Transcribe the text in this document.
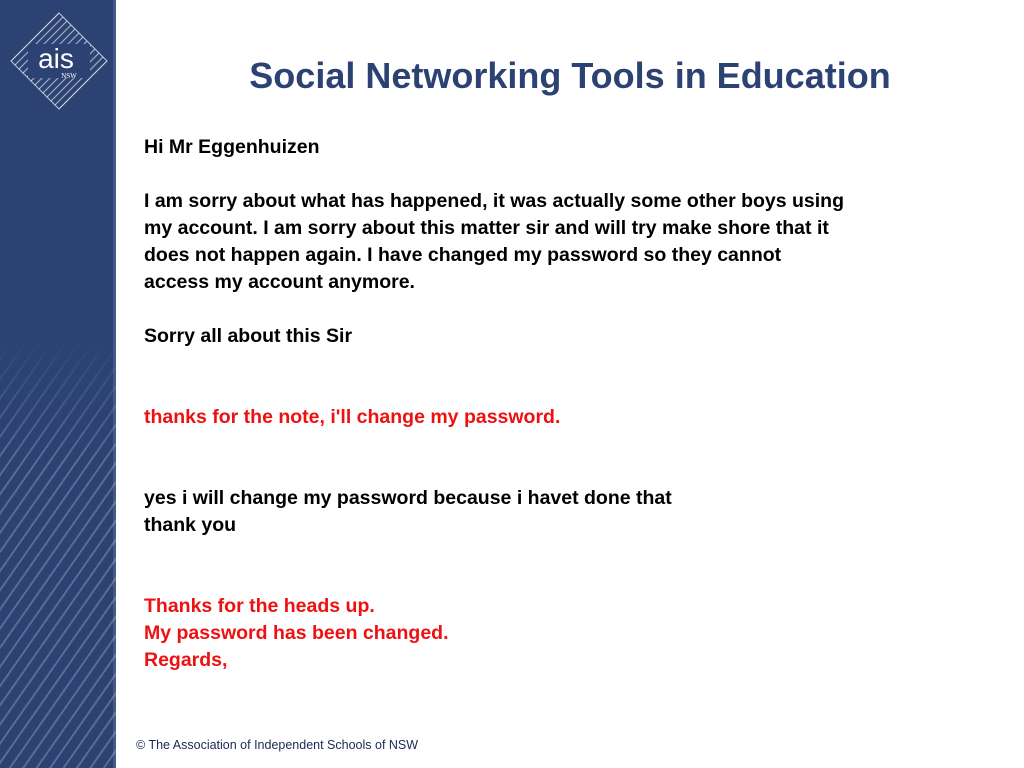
ais
NSW	Social Networking Tools in Education

Hi Mr Eggenhuizen

I am sorry about what has happened, it was actually some other boys using

my account. I am sorry about this matter sir and will try make shore that it

does not happen again. I have changed my password so they cannot

access my account anymore.

Sorry all about this Sir

thanks for the note, i'll change my password.

yes i will change my password because i havet done that

thank you

Thanks for the heads up.

My password has been changed.

Regards,

© The Association of Independent Schools of NSW
